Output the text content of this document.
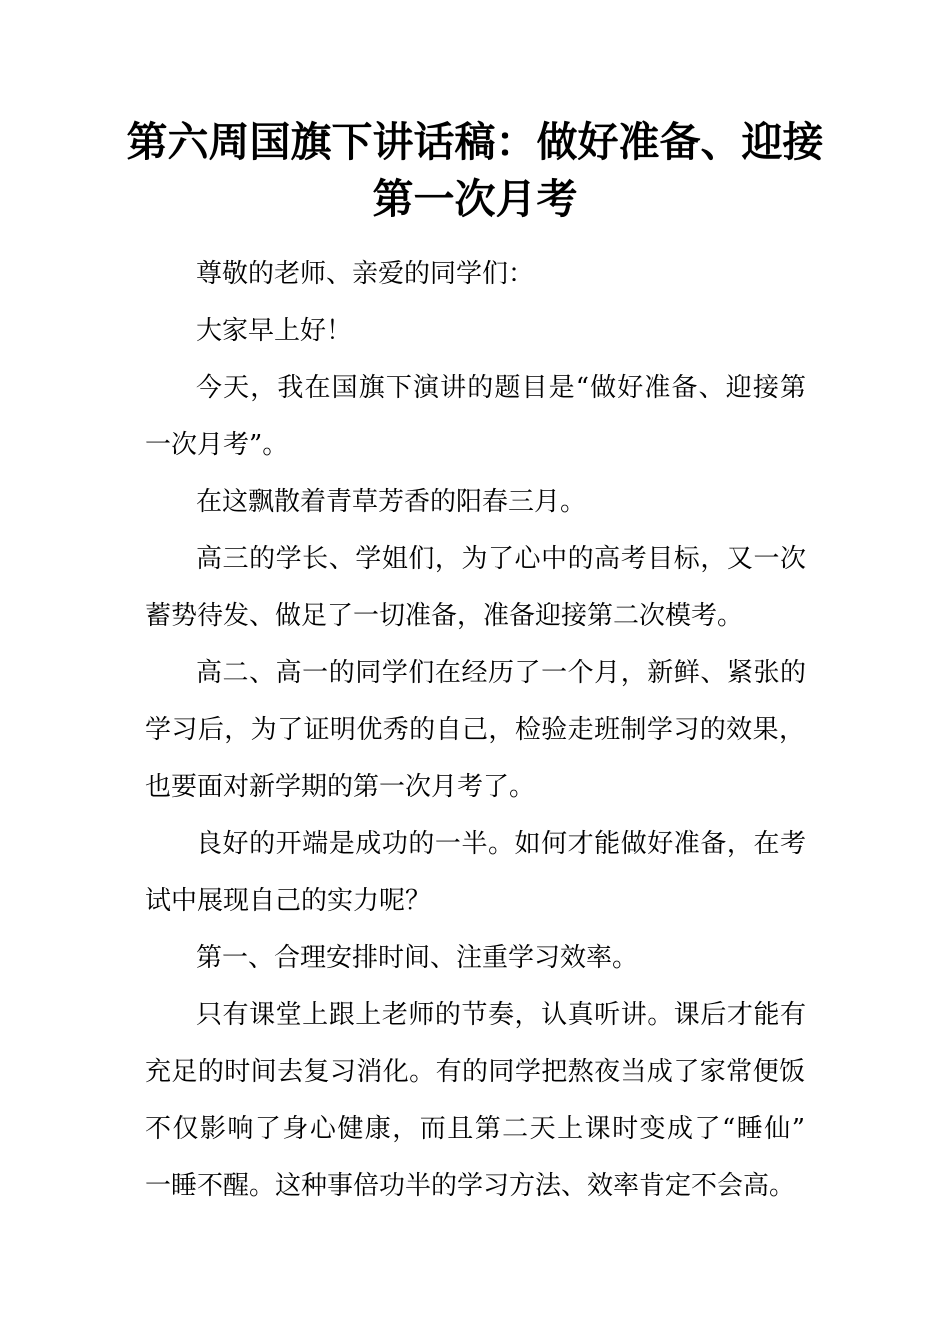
第六周国旗下讲话稿：做好准备、迎接
第一次月考
尊敬的老师、亲爱的同学们：
大家早上好！
今天，我在国旗下演讲的题目是“做好准备、迎接第
一次月考”。
在这飘散着青草芳香的阳春三月。
高三的学长、学姐们，为了心中的高考目标，又一次
蓄势待发、做足了一切准备，准备迎接第二次模考。
高二、高一的同学们在经历了一个月，新鲜、紧张的
学习后，为了证明优秀的自己，检验走班制学习的效果，
也要面对新学期的第一次月考了。
良好的开端是成功的一半。如何才能做好准备，在考
试中展现自己的实力呢？
第一、合理安排时间、注重学习效率。
只有课堂上跟上老师的节奏，认真听讲。课后才能有
充足的时间去复习消化。有的同学把熬夜当成了家常便饭
不仅影响了身心健康，而且第二天上课时变成了“睡仙”
一睡不醒。这种事倍功半的学习方法、效率肯定不会高。
